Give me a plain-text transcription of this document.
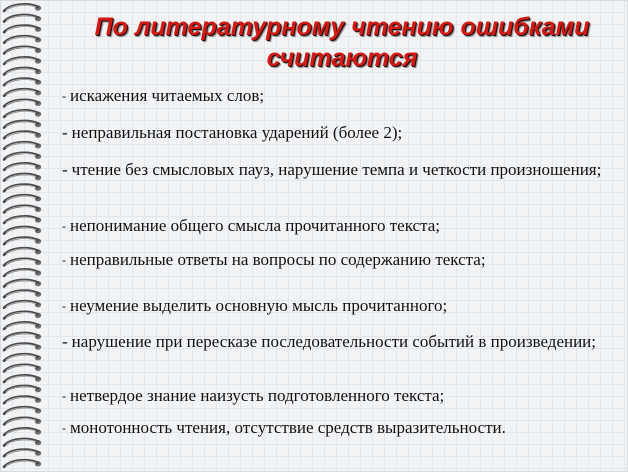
По литературному чтению ошибками
считаются
- искажения читаемых слов;
- неправильная постановка ударений (более 2);
- чтение без смысловых пауз, нарушение темпа и четкости произношения;
- непонимание общего смысла прочитанного текста;
- неправильные ответы на вопросы по содержанию текста;
- неумение выделить основную мысль прочитанного;
- нарушение при пересказе последовательности событий в произведении;
- нетвердое знание наизусть подготовленного текста;
- монотонность чтения, отсутствие средств выразительности.
